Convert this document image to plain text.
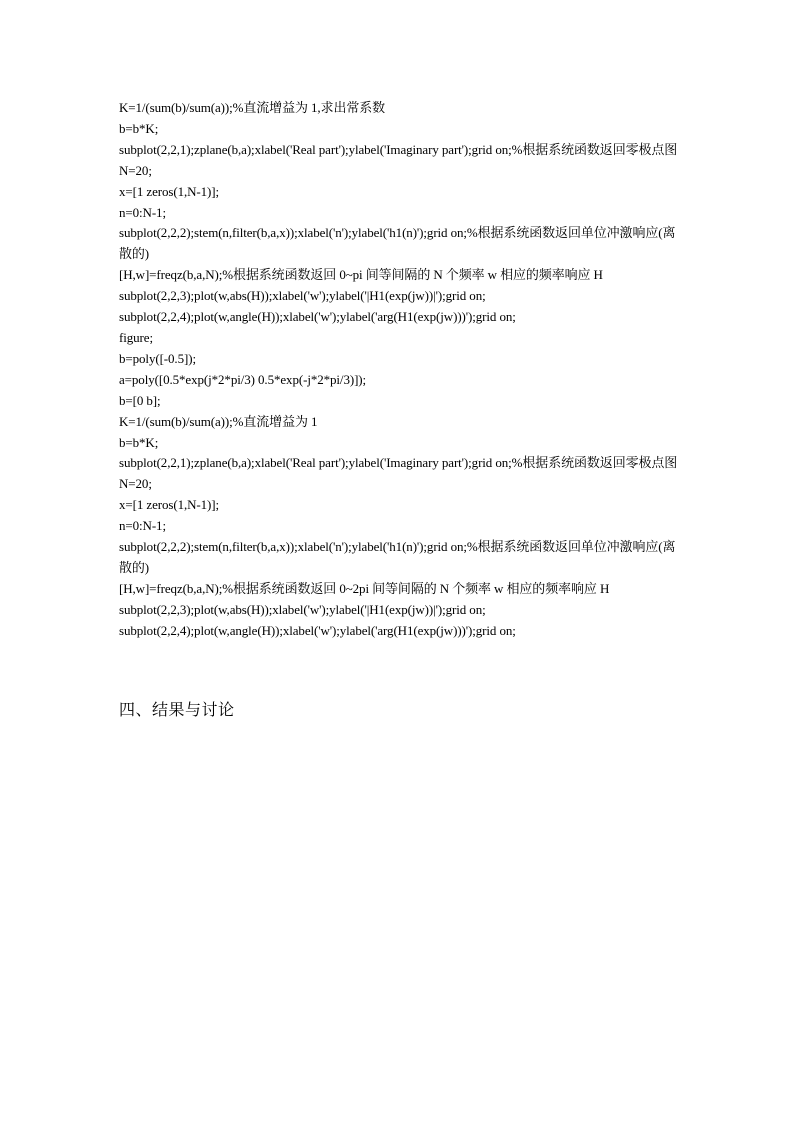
K=1/(sum(b)/sum(a));%直流增益为 1,求出常系数
b=b*K;
subplot(2,2,1);zplane(b,a);xlabel('Real part');ylabel('Imaginary part');grid on;%根据系统函数返回零极点图
N=20;
x=[1 zeros(1,N-1)];
n=0:N-1;
subplot(2,2,2);stem(n,filter(b,a,x));xlabel('n');ylabel('h1(n)');grid on;%根据系统函数返回单位冲激响应(离散的)
[H,w]=freqz(b,a,N);%根据系统函数返回 0~pi 间等间隔的 N 个频率 w 相应的频率响应 H
subplot(2,2,3);plot(w,abs(H));xlabel('w');ylabel('|H1(exp(jw))|');grid on;
subplot(2,2,4);plot(w,angle(H));xlabel('w');ylabel('arg(H1(exp(jw)))');grid on;
figure;
b=poly([-0.5]);
a=poly([0.5*exp(j*2*pi/3) 0.5*exp(-j*2*pi/3)]);
b=[0 b];
K=1/(sum(b)/sum(a));%直流增益为 1
b=b*K;
subplot(2,2,1);zplane(b,a);xlabel('Real part');ylabel('Imaginary part');grid on;%根据系统函数返回零极点图
N=20;
x=[1 zeros(1,N-1)];
n=0:N-1;
subplot(2,2,2);stem(n,filter(b,a,x));xlabel('n');ylabel('h1(n)');grid on;%根据系统函数返回单位冲激响应(离散的)
[H,w]=freqz(b,a,N);%根据系统函数返回 0~2pi 间等间隔的 N 个频率 w 相应的频率响应 H
subplot(2,2,3);plot(w,abs(H));xlabel('w');ylabel('|H1(exp(jw))|');grid on;
subplot(2,2,4);plot(w,angle(H));xlabel('w');ylabel('arg(H1(exp(jw)))');grid on;
四、结果与讨论
